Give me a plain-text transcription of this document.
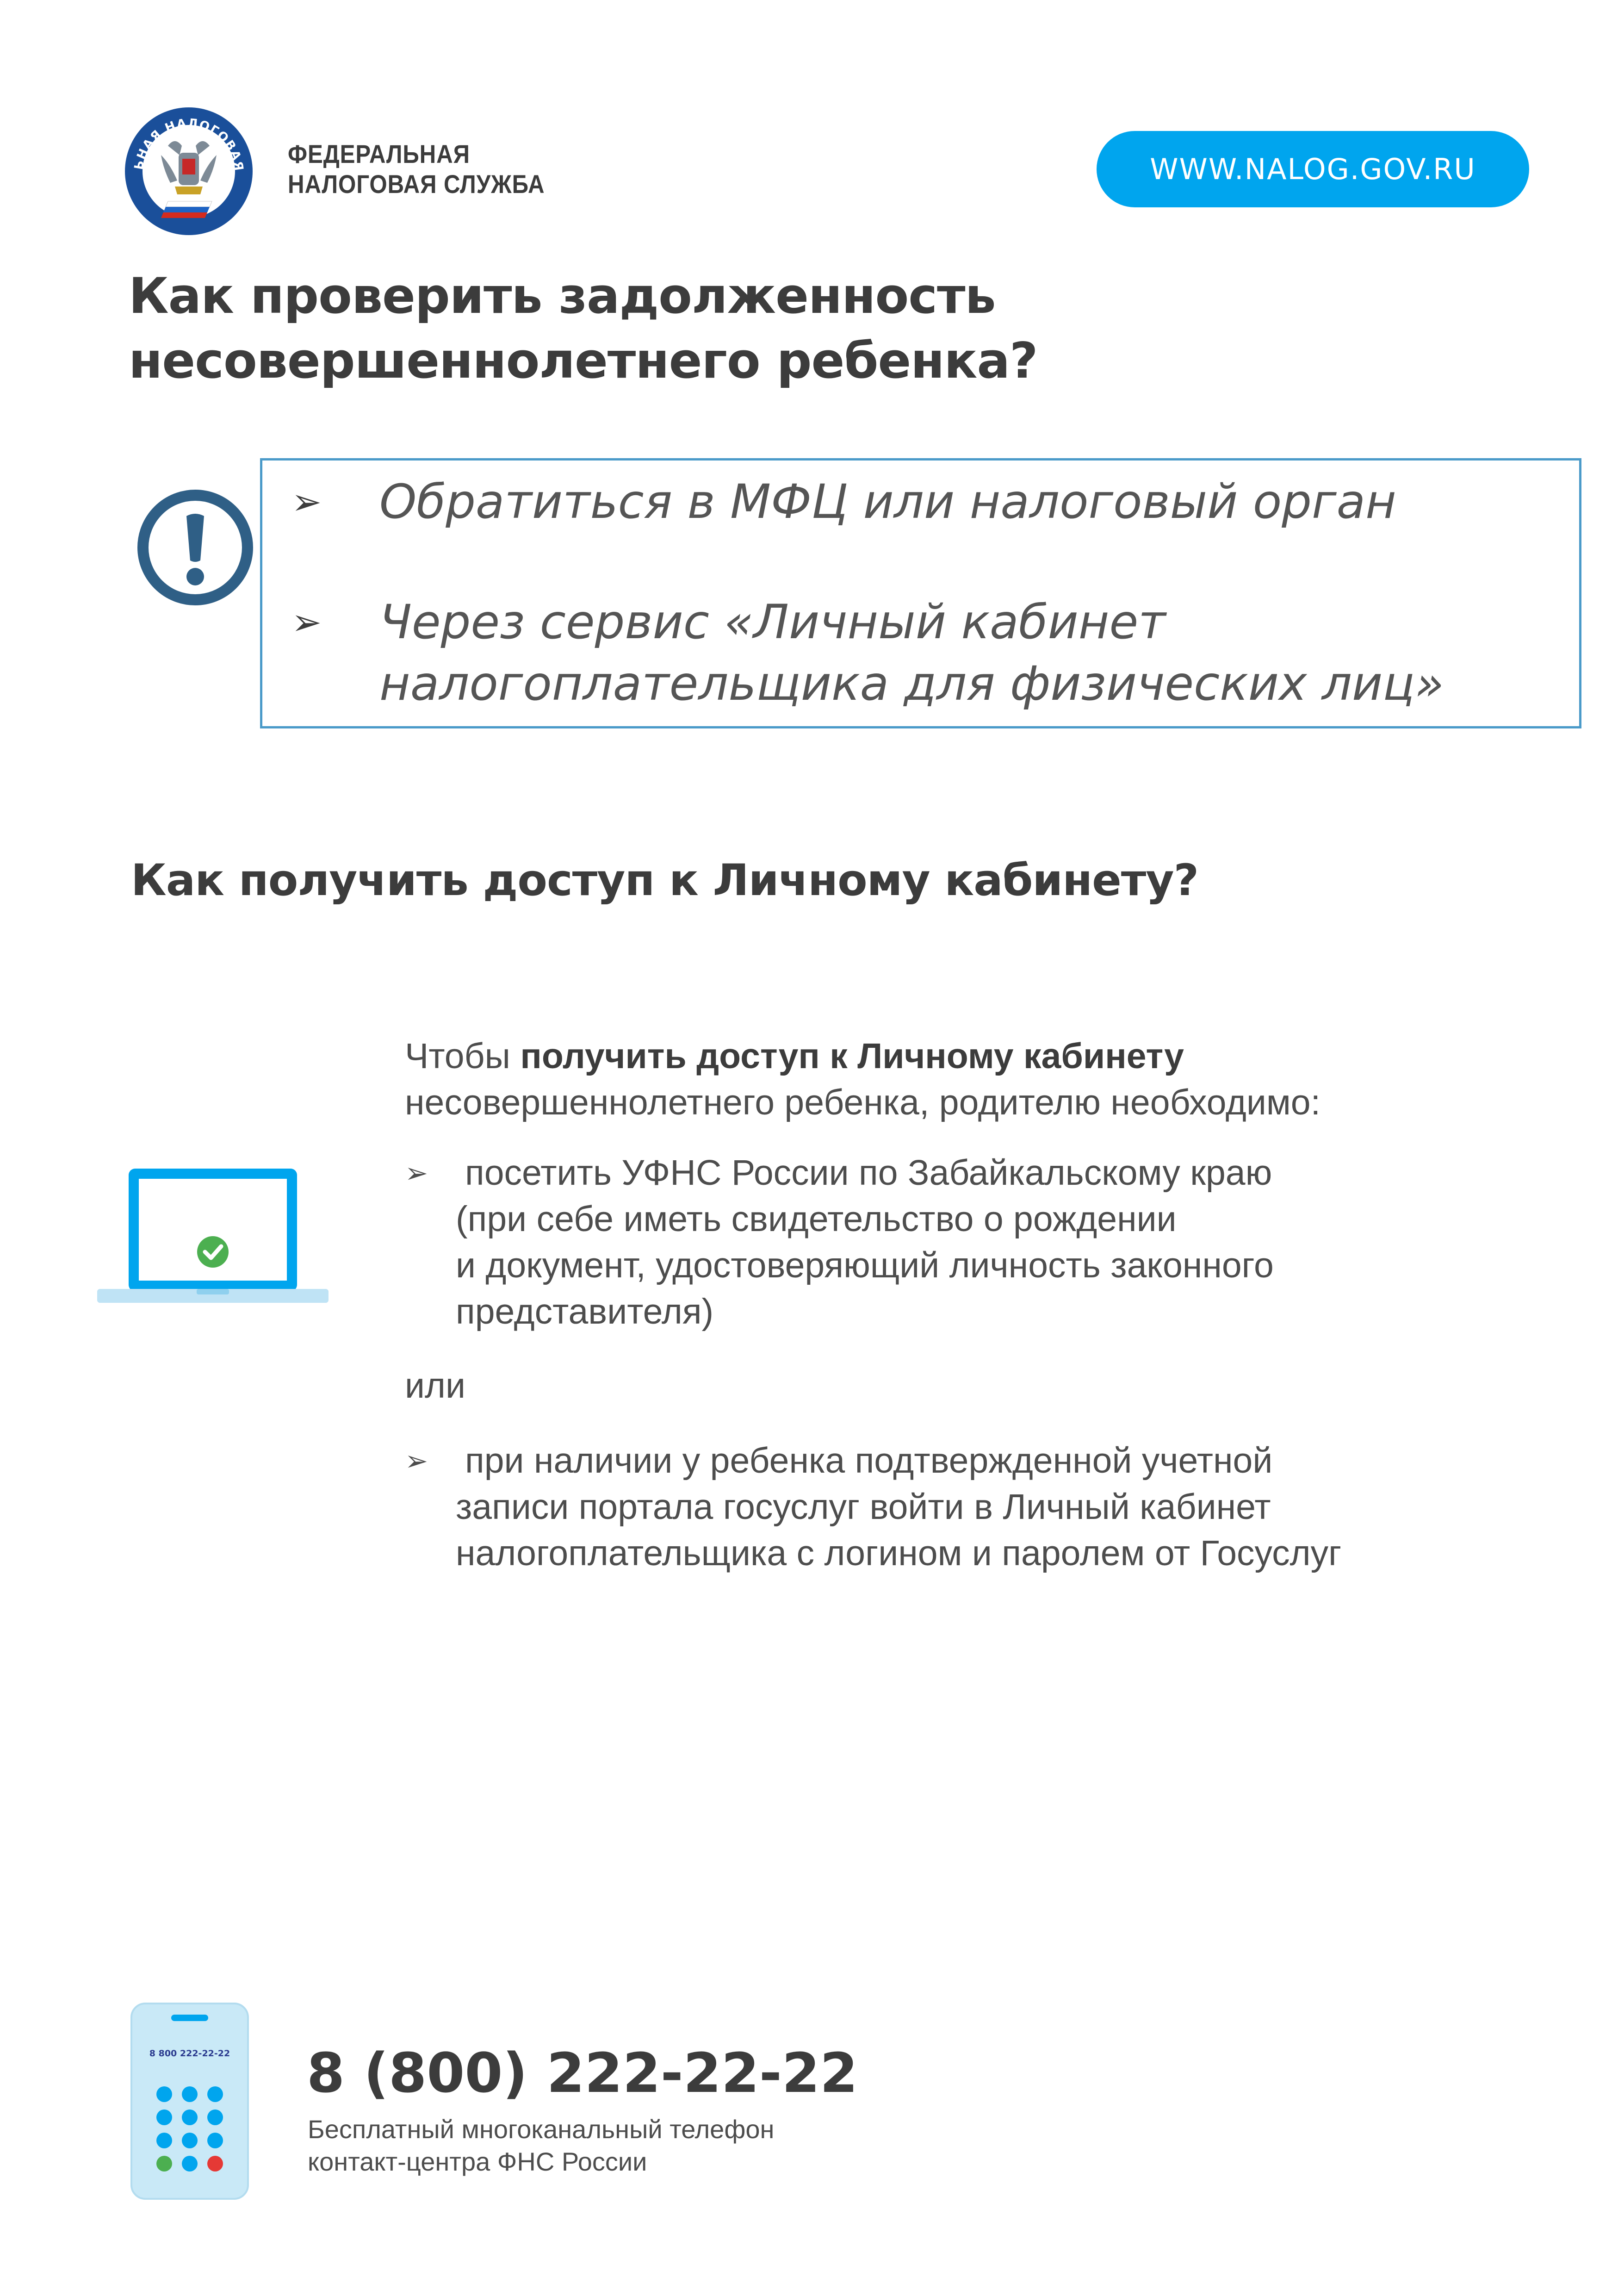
ЬНАЯ НАЛОГОВАЯ ФЕДЕРАЛЬНАЯ
НАЛОГОВАЯ СЛУЖБА	WWW.NALOG.GOV.RU
Как проверить задолженность
несовершеннолетнего ребенка?
➢ Обратиться в МФЦ или налоговый орган
➢ Через сервис «Личный кабинет
налогоплательщика для физических лиц»
Как получить доступ к Личному кабинету?
Чтобы получить доступ к Личному кабинету
несовершеннолетнего ребенка, родителю необходимо:
➢ посетить УФНС России по Забайкальскому краю
(при себе иметь свидетельство о рождении
и документ, удостоверяющий личность законного
представителя)
или
➢ при наличии у ребенка подтвержденной учетной
записи портала госуслуг войти в Личный кабинет
налогоплательщика с логином и паролем от Госуслуг
8 800 222-22-22 8 (800) 222-22-22
Бесплатный многоканальный телефон
контакт-центра ФНС России
